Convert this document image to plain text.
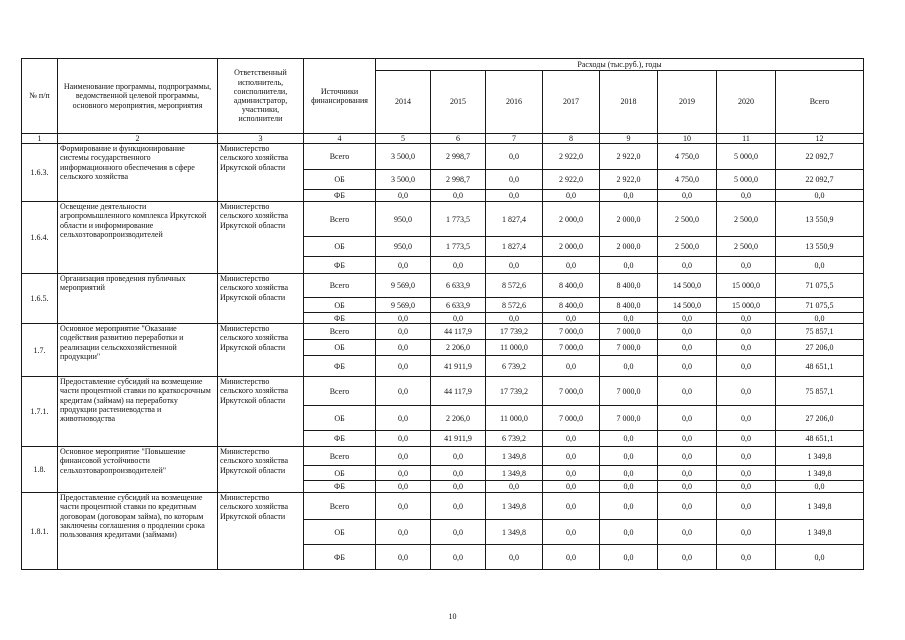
№ п/п	Наименование программы, подпрограммы, ведомственной целевой программы, основного мероприятия, мероприятия	Ответственный исполнитель, соисполнители, администратор, участники, исполнители	Источники финансирования	Расходы (тыс.руб.), годы							
				2014	2015	2016	2017	2018	2019	2020	Всего
1	2	3	4	5	6	7	8	9	10	11	12
1.6.3.	Формирование и функционирование системы государственного информационного обеспечения в сфере сельского хозяйства	Министерство сельского хозяйства Иркутской области	Всего	3 500,0	2 998,7	0,0	2 922,0	2 922,0	4 750,0	5 000,0	22 092,7
			ОБ	3 500,0	2 998,7	0,0	2 922,0	2 922,0	4 750,0	5 000,0	22 092,7
			ФБ	0,0	0,0	0,0	0,0	0,0	0,0	0,0	0,0
1.6.4.	Освещение деятельности агропромышленного комплекса Иркутской области и информирование сельхозтоваропроизводителей	Министерство сельского хозяйства Иркутской области	Всего	950,0	1 773,5	1 827,4	2 000,0	2 000,0	2 500,0	2 500,0	13 550,9
			ОБ	950,0	1 773,5	1 827,4	2 000,0	2 000,0	2 500,0	2 500,0	13 550,9
			ФБ	0,0	0,0	0,0	0,0	0,0	0,0	0,0	0,0
1.6.5.	Организация проведения публичных мероприятий	Министерство сельского хозяйства Иркутской области	Всего	9 569,0	6 633,9	8 572,6	8 400,0	8 400,0	14 500,0	15 000,0	71 075,5
			ОБ	9 569,0	6 633,9	8 572,6	8 400,0	8 400,0	14 500,0	15 000,0	71 075,5
			ФБ	0,0	0,0	0,0	0,0	0,0	0,0	0,0	0,0
1.7.	Основное мероприятие "Оказание содействия развитию переработки и реализации сельскохозяйственной продукции"	Министерство сельского хозяйства Иркутской области	Всего	0,0	44 117,9	17 739,2	7 000,0	7 000,0	0,0	0,0	75 857,1
			ОБ	0,0	2 206,0	11 000,0	7 000,0	7 000,0	0,0	0,0	27 206,0
			ФБ	0,0	41 911,9	6 739,2	0,0	0,0	0,0	0,0	48 651,1
1.7.1.	Предоставление субсидий на возмещение части процентной ставки по краткосрочным кредитам (займам) на переработку продукции растениеводства и животноводства	Министерство сельского хозяйства Иркутской области	Всего	0,0	44 117,9	17 739,2	7 000,0	7 000,0	0,0	0,0	75 857,1
			ОБ	0,0	2 206,0	11 000,0	7 000,0	7 000,0	0,0	0,0	27 206,0
			ФБ	0,0	41 911,9	6 739,2	0,0	0,0	0,0	0,0	48 651,1
1.8.	Основное мероприятие "Повышение финансовой устойчивости сельхозтоваропроизводителей"	Министерство сельского хозяйства Иркутской области	Всего	0,0	0,0	1 349,8	0,0	0,0	0,0	0,0	1 349,8
			ОБ	0,0	0,0	1 349,8	0,0	0,0	0,0	0,0	1 349,8
			ФБ	0,0	0,0	0,0	0,0	0,0	0,0	0,0	0,0
1.8.1.	Предоставление субсидий на возмещение части процентной ставки по кредитным договорам (договорам займа), по которым заключены соглашения о продлении срока пользования кредитами (займами)	Министерство сельского хозяйства Иркутской области	Всего	0,0	0,0	1 349,8	0,0	0,0	0,0	0,0	1 349,8
			ОБ	0,0	0,0	1 349,8	0,0	0,0	0,0	0,0	1 349,8
			ФБ	0,0	0,0	0,0	0,0	0,0	0,0	0,0	0,0
10
